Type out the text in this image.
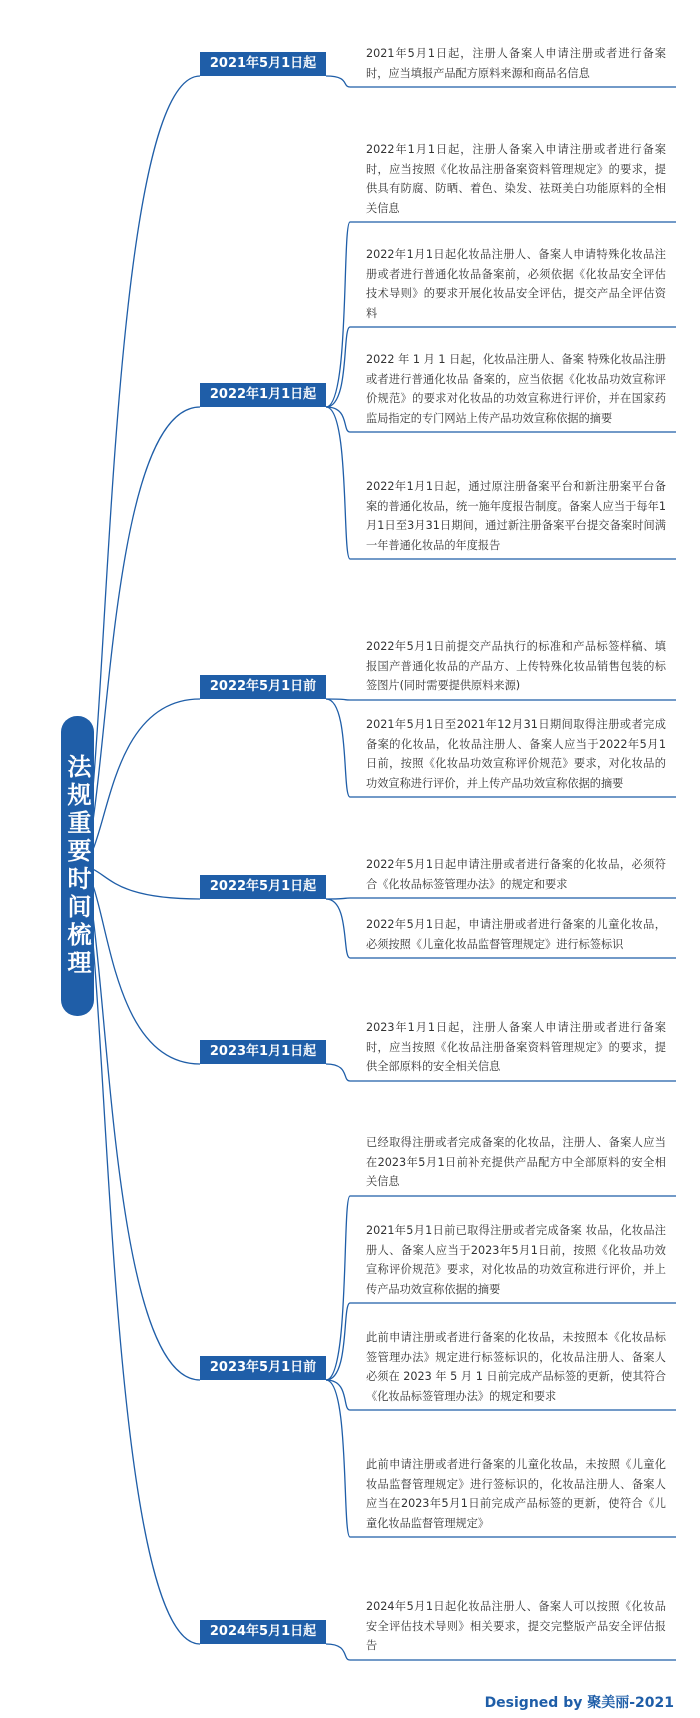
法规重要时间梳理
2021年5月1日起
2022年1月1日起
2022年5月1日前
2022年5月1日起
2023年1月1日起
2023年5月1日前
2024年5月1日起
2021年5月1日起，注册人备案人申请注册或者进行备案时，应当填报产品配方原料来源和商品名信息
2022年1月1日起，注册人备案入申请注册或者进行备案时，应当按照《化妆品注册备案资料管理规定》的要求，提供具有防腐、防晒、着色、染发、祛斑美白功能原料的全相关信息
2022年1月1日起化妆品注册人、备案人申请特殊化妆品注册或者进行普通化妆品备案前，必须依据《化妆品安全评估技术导则》的要求开展化妆品安全评估，提交产品全评估资料
2022 年 1 月 1 日起，化妆品注册人、备案 特殊化妆品注册或者进行普通化妆品 备案的，应当依据《化妆品功效宣称评价规范》的要求对化妆品的功效宣称进行评价，并在国家药监局指定的专门网站上传产品功效宣称依据的摘要
2022年1月1日起，通过原注册备案平台和新注册案平台备案的普通化妆品，统一施年度报告制度。备案人应当于每年1月1日至3月31日期间，通过新注册备案平台提交备案时间满一年普通化妆品的年度报告
2022年5月1日前提交产品执行的标准和产品标签样稿、填报国产普通化妆品的产品方、上传特殊化妆品销售包装的标签图片(同时需要提供原料来源)
2021年5月1日至2021年12月31日期间取得注册或者完成备案的化妆品，化妆品注册人、备案人应当于2022年5月1日前，按照《化妆品功效宣称评价规范》要求，对化妆品的功效宣称进行评价，并上传产品功效宣称依据的摘要
2022年5月1日起申请注册或者进行备案的化妆品，必须符合《化妆品标签管理办法》的规定和要求
2022年5月1日起，申请注册或者进行备案的儿童化妆品，必须按照《儿童化妆品监督管理规定》进行标签标识
2023年1月1日起，注册人备案人申请注册或者进行备案时，应当按照《化妆品注册备案资料管理规定》的要求，提供全部原料的安全相关信息
已经取得注册或者完成备案的化妆品，注册人、备案人应当在2023年5月1日前补充提供产品配方中全部原料的安全相关信息
2021年5月1日前已取得注册或者完成备案 妆品，化妆品注册人、备案人应当于2023年5月1日前，按照《化妆品功效宣称评价规范》要求，对化妆品的功效宣称进行评价，并上传产品功效宣称依据的摘要
此前申请注册或者进行备案的化妆品，未按照本《化妆品标签管理办法》规定进行标签标识的，化妆品注册人、备案人必须在 2023 年 5 月 1 日前完成产品标签的更新，使其符合《化妆品标签管理办法》的规定和要求
此前申请注册或者进行备案的儿童化妆品，未按照《儿童化妆品监督管理规定》进行签标识的，化妆品注册人、备案人应当在2023年5月1日前完成产品标签的更新，使符合《儿童化妆品监督管理规定》
2024年5月1日起化妆品注册人、备案人可以按照《化妆品安全评估技术导则》相关要求，提交完整版产品安全评估报告
Designed by 聚美丽-2021
